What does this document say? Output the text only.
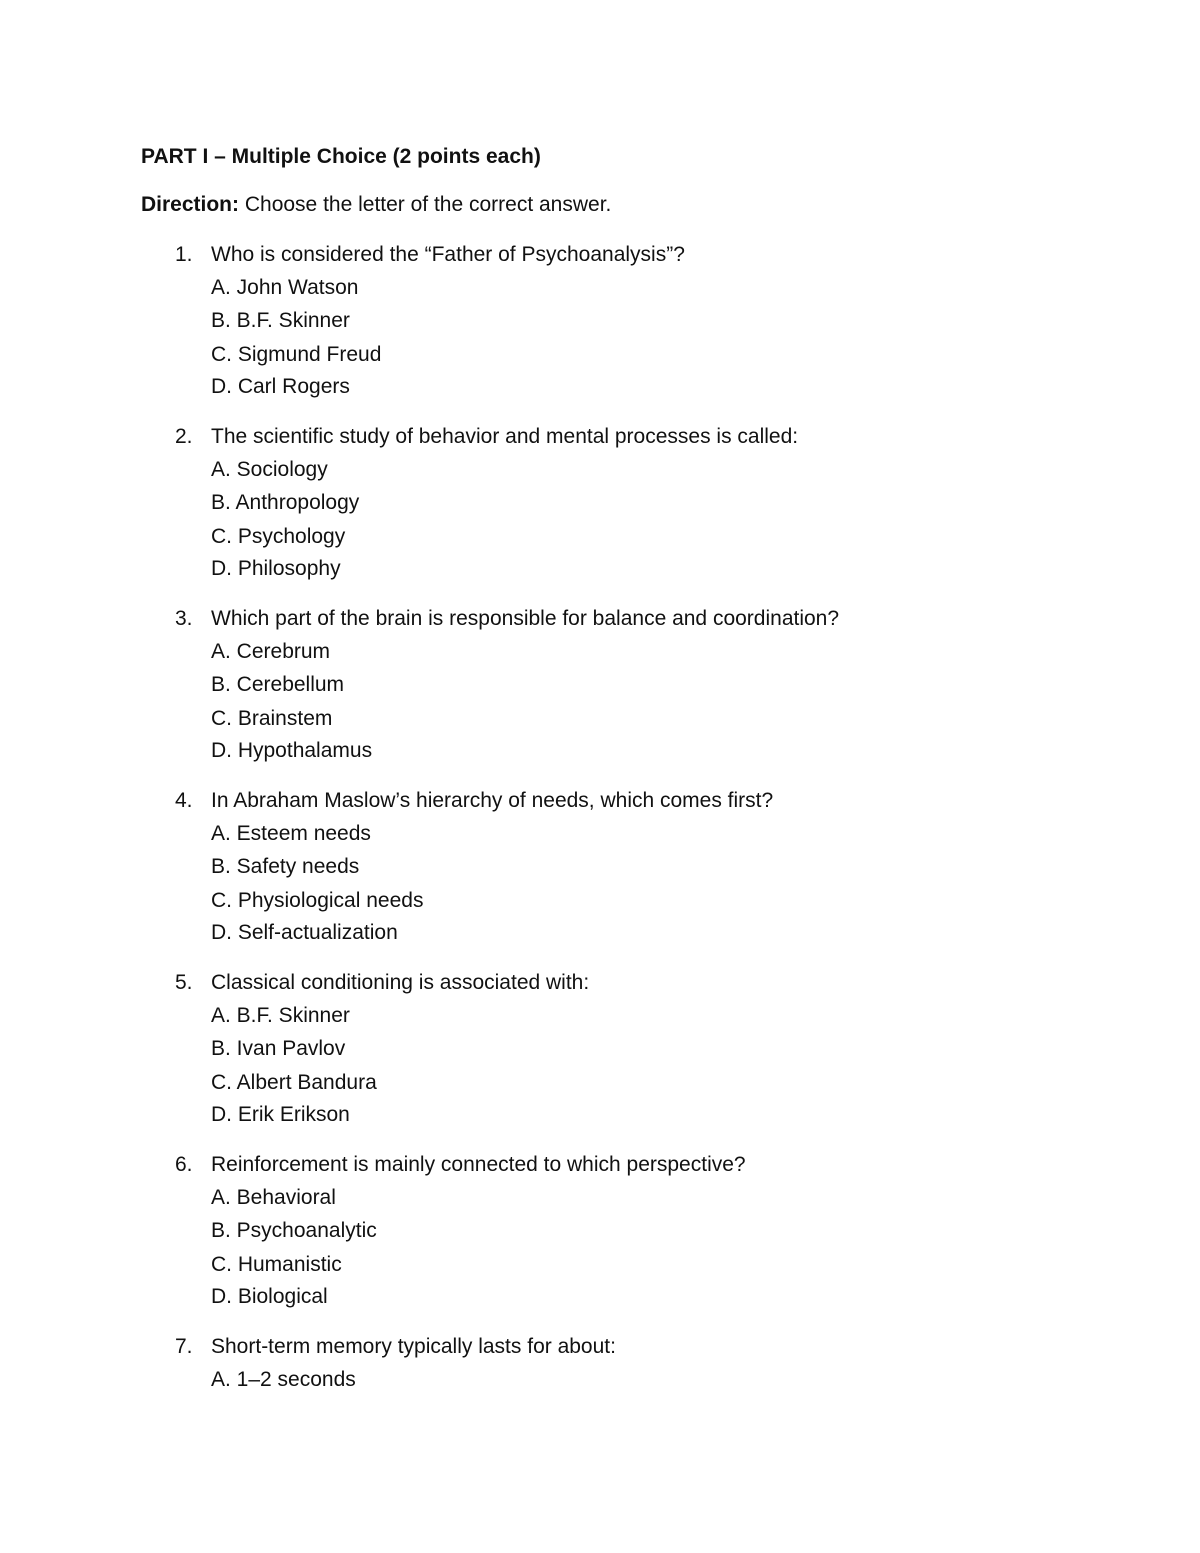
PART I – Multiple Choice (2 points each)
Direction: Choose the letter of the correct answer.
1. Who is considered the “Father of Psychoanalysis”?
A. John Watson
B. B.F. Skinner
C. Sigmund Freud
D. Carl Rogers
2. The scientific study of behavior and mental processes is called:
A. Sociology
B. Anthropology
C. Psychology
D. Philosophy
3. Which part of the brain is responsible for balance and coordination?
A. Cerebrum
B. Cerebellum
C. Brainstem
D. Hypothalamus
4. In Abraham Maslow’s hierarchy of needs, which comes first?
A. Esteem needs
B. Safety needs
C. Physiological needs
D. Self-actualization
5. Classical conditioning is associated with:
A. B.F. Skinner
B. Ivan Pavlov
C. Albert Bandura
D. Erik Erikson
6. Reinforcement is mainly connected to which perspective?
A. Behavioral
B. Psychoanalytic
C. Humanistic
D. Biological
7. Short-term memory typically lasts for about:
A. 1–2 seconds
